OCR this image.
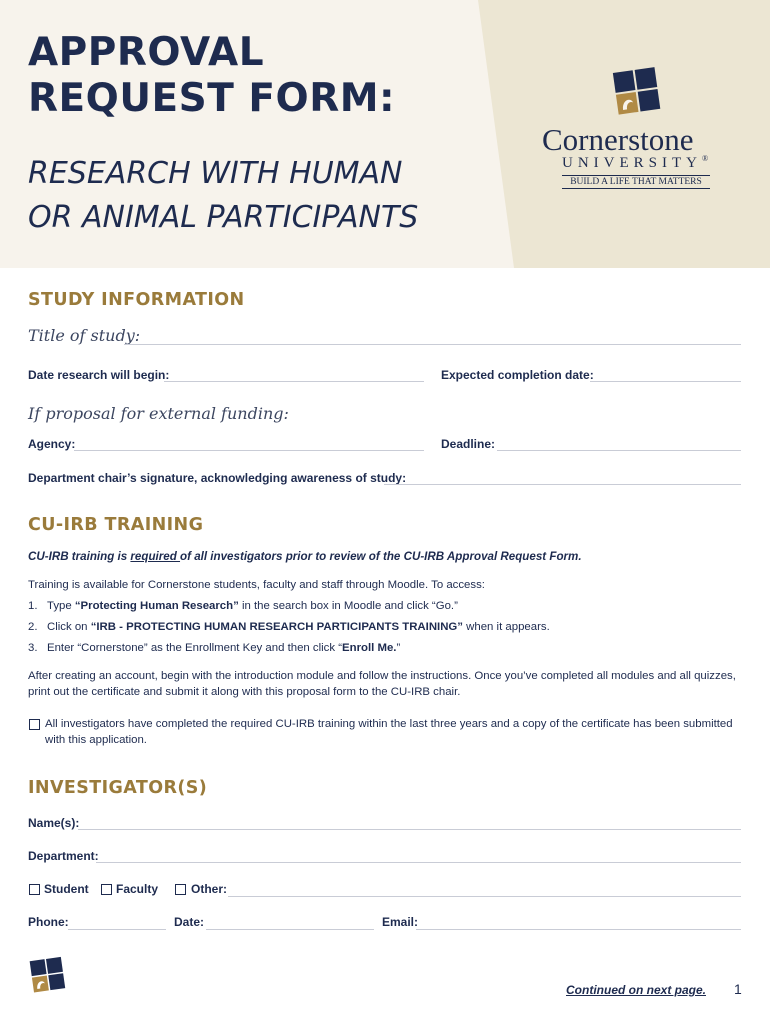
APPROVAL
REQUEST FORM:
RESEARCH WITH HUMAN
OR ANIMAL PARTICIPANTS
Cornerstone
UNIVERSITY®
BUILD A LIFE THAT MATTERS
STUDY INFORMATION
Title of study:
Date research will begin:	Expected completion date:
If proposal for external funding:
Agency:	Deadline:
Department chair’s signature, acknowledging awareness of study:
CU-IRB TRAINING
CU-IRB training is required of all investigators prior to review of the CU-IRB Approval Request Form.
Training is available for Cornerstone students, faculty and staff through Moodle. To access:
1. Type “Protecting Human Research” in the search box in Moodle and click “Go.”
2. Click on “IRB - PROTECTING HUMAN RESEARCH PARTICIPANTS TRAINING” when it appears.
3. Enter “Cornerstone” as the Enrollment Key and then click “Enroll Me.”
After creating an account, begin with the introduction module and follow the instructions. Once you’ve completed all modules and all quizzes, print out the certificate and submit it along with this proposal form to the CU-IRB chair.
All investigators have completed the required CU-IRB training within the last three years and a copy of the certificate has been submitted with this application.
INVESTIGATOR(S)
Name(s):
Department:
Student Faculty	Other:
Phone:	Date:	Email:
Continued on next page. 1
